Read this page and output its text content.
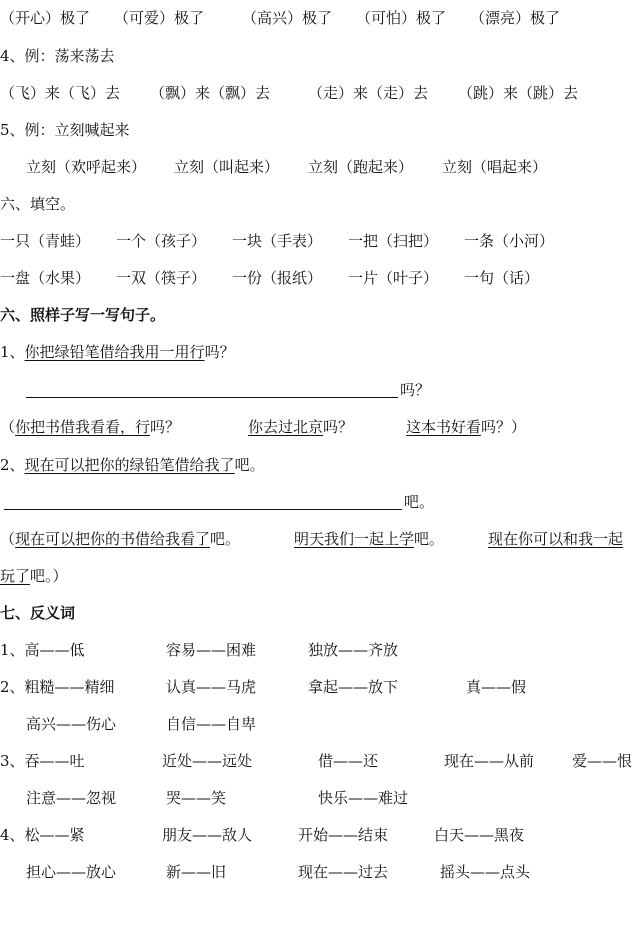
（开心）极了 （可爱）极了	（高兴）极了 （可怕）极了 （漂亮）极了
4、例：荡来荡去
（飞）来（飞）去 （飘）来（飘）去	（走）来（走）去 （跳）来（跳）去
5、例：立刻喊起来
立刻（欢呼起来） 立刻（叫起来） 立刻（跑起来） 立刻（唱起来）
六、填空。
一只（青蛙） 一个（孩子） 一块（手表） 一把（扫把） 一条（小河）
一盘（水果） 一双（筷子） 一份（报纸） 一片（叶子） 一句（话）
六、照样子写一写句子。
1、你把绿铅笔借给我用一用行吗？
吗？
（你把书借我看看，行吗？	你去过北京吗？	这本书好看吗？）
2、现在可以把你的绿铅笔借给我了吧。
吧。
（现在可以把你的书借给我看了吧。	明天我们一起上学吧。	现在你可以和我一起
玩了吧。）
七、反义词
1、高——低	容易——困难	独放——齐放
2、粗糙——精细	认真——马虎	拿起——放下	真——假
高兴——伤心	自信——自卑
3、吞——吐	近处——远处	借——还	现在——从前	爱——恨
注意——忽视	哭——笑	快乐——难过
4、松——紧	朋友——敌人	开始——结束	白天——黑夜
担心——放心	新——旧	现在——过去	摇头——点头
